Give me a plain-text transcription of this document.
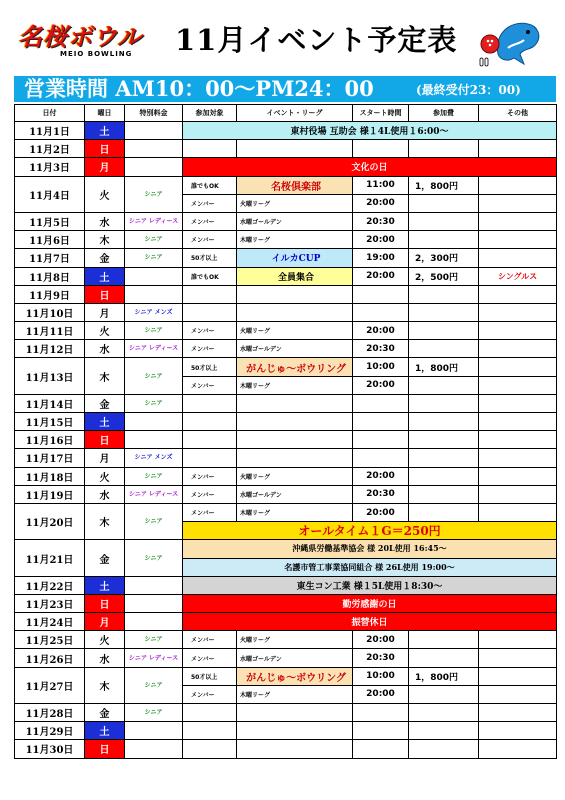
名桜ボウル
MEIO BOWLING 11月イベント予定表
営業時間 AM10：00～PM24：00	(最終受付23：00)
日付	曜日	特別料金	参加対象	イベント・リーグ	スタート時間	参加費	その他
11月1日	土		東村役場 互助会 様１4L使用１6:00～				
11月2日	日						
11月3日	月		文化の日				
11月4日	火	シニア	誰でもOK	名桜倶楽部	11:00	1，800円	
			メンバー	火曜リーグ	20:00		
11月5日	水	シニア レディース	メンバー	水曜ゴールデン	20:30		
11月6日	木	シニア	メンバー	木曜リーグ	20:00		
11月7日	金	シニア	50才以上	イルカCUP	19:00	2，300円	
11月8日	土		誰でもOK	全員集合	20:00	2，500円	シングルス
11月9日	日						
11月10日	月	シニア メンズ					
11月11日	火	シニア	メンバー	火曜リーグ	20:00		
11月12日	水	シニア レディース	メンバー	水曜ゴールデン	20:30		
11月13日	木	シニア	50才以上	がんじゅ～ボウリング	10:00	1，800円	
			メンバー	木曜リーグ	20:00		
11月14日	金	シニア					
11月15日	土						
11月16日	日						
11月17日	月	シニア メンズ					
11月18日	火	シニア	メンバー	火曜リーグ	20:00		
11月19日	水	シニア レディース	メンバー	水曜ゴールデン	20:30		
11月20日	木	シニア	メンバー	木曜リーグ	20:00		
			オールタイム１G＝250円				
11月21日	金	シニア	沖縄県労働基準協会 様 20L使用 16:45～				
			名護市管工事業協同組合 様 26L使用 19:00～				
11月22日	土		東生コン工業 様１5L使用１8:30～				
11月23日	日		勤労感謝の日				
11月24日	月		振替休日				
11月25日	火	シニア	メンバー	火曜リーグ	20:00		
11月26日	水	シニア レディース	メンバー	水曜ゴールデン	20:30		
11月27日	木	シニア	50才以上	がんじゅ～ボウリング	10:00	1，800円	
			メンバー	木曜リーグ	20:00		
11月28日	金	シニア					
11月29日	土						
11月30日	日						
